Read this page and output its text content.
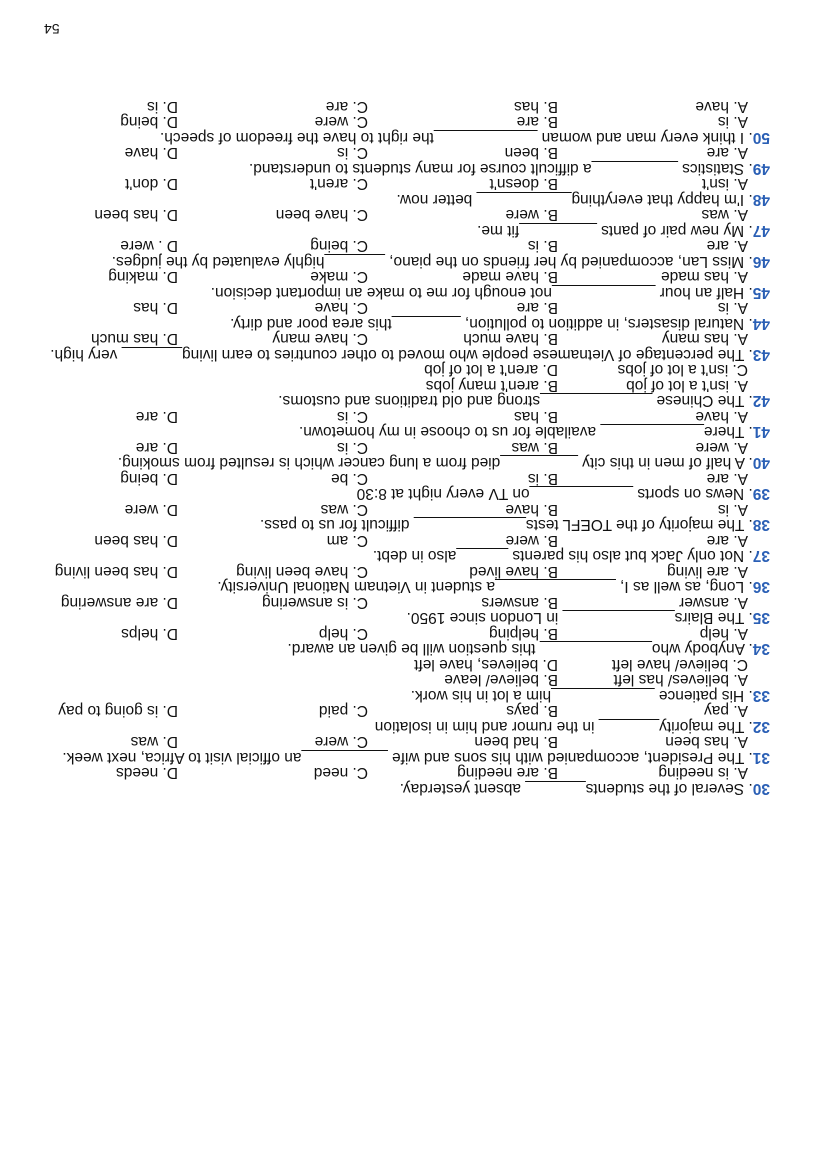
30. Several of the students_______ absent yesterday.
A. is needing
B. are needing
C. need
D. needs
31. The President, accompanied with his sons and wife __________an official visit to Africa, next week.
A. has been
B. had been
C. were
D. was
32. The majority_______ in the rumor and him in isolation
A. pay
B. pays
C. paid
D. is going to pay
33. His patience ____________him a lot in his work.
A. believes/ has left
B. believe/ leave
C. believe/ have left
D. believes, have left
34. Anybody who_____________ this question will be given an award.
A. help
B. helping
C. help
D. helps
35. The Blairs_____________ in London since 1950.
A. answer
B. answers
C. is answering
D. are answering
36. Long, as well as I, ______________a student in Vietnam National University.
A. are living
B. have lived
C. have been living
D. has been living
37. Not only Jack but also his parents ______also in debt.
A. are
B. were
C. am
D. has been
38. The majority of the TOEFL tests_____________ difficult for us to pass.
A. is
B. have
C. was
D. were
39. News on sports ____________on TV every night at 8:30
A. are
B. is
C. be
D. being
40. A half of men in this city _________died from a lung cancer which is resulted from smoking.
A. were
B. was
C. is
D. are
41. There____________ available for us to choose in my hometown.
A. have
B. has
C. is
D. are
42. The Chinese _____________strong and old traditions and customs.
A. isn't a lot of job
B. aren't many jobs
C. isn't a lot of jobs
D. aren't a lot of job
43. The percentage of Vietnamese people who moved to other countries to earn living_______ very high.
A. has many
B. have much
C. have many
D. has much
44. Natural disasters, in addition to pollution, ________this area poor and dirty.
A. is
B. are
C. have
D. has
45. Half an hour ____________not enough for me to make an important decision.
A. has made
B. have made
C. make
D. making
46. Miss Lan, accompanied by her friends on the piano, _______highly evaluated by the judges.
A. are
B. is
C. being
D . were
47. My new pair of pants _________fit me.
A. was
B. were
C. have been
D. has been
48. I'm happy that everything___________ better now.
A. isn't
B. doesn't
C. aren't
D. don't
49. Statistics __________a difficult course for many students to understand.
A. are
B. been
C. is
D. have
50. I think every man and woman ____________the right to have the freedom of speech.
A. is
B. are
C. were
D. being
A. have
B. has
C. are
D. is
54
